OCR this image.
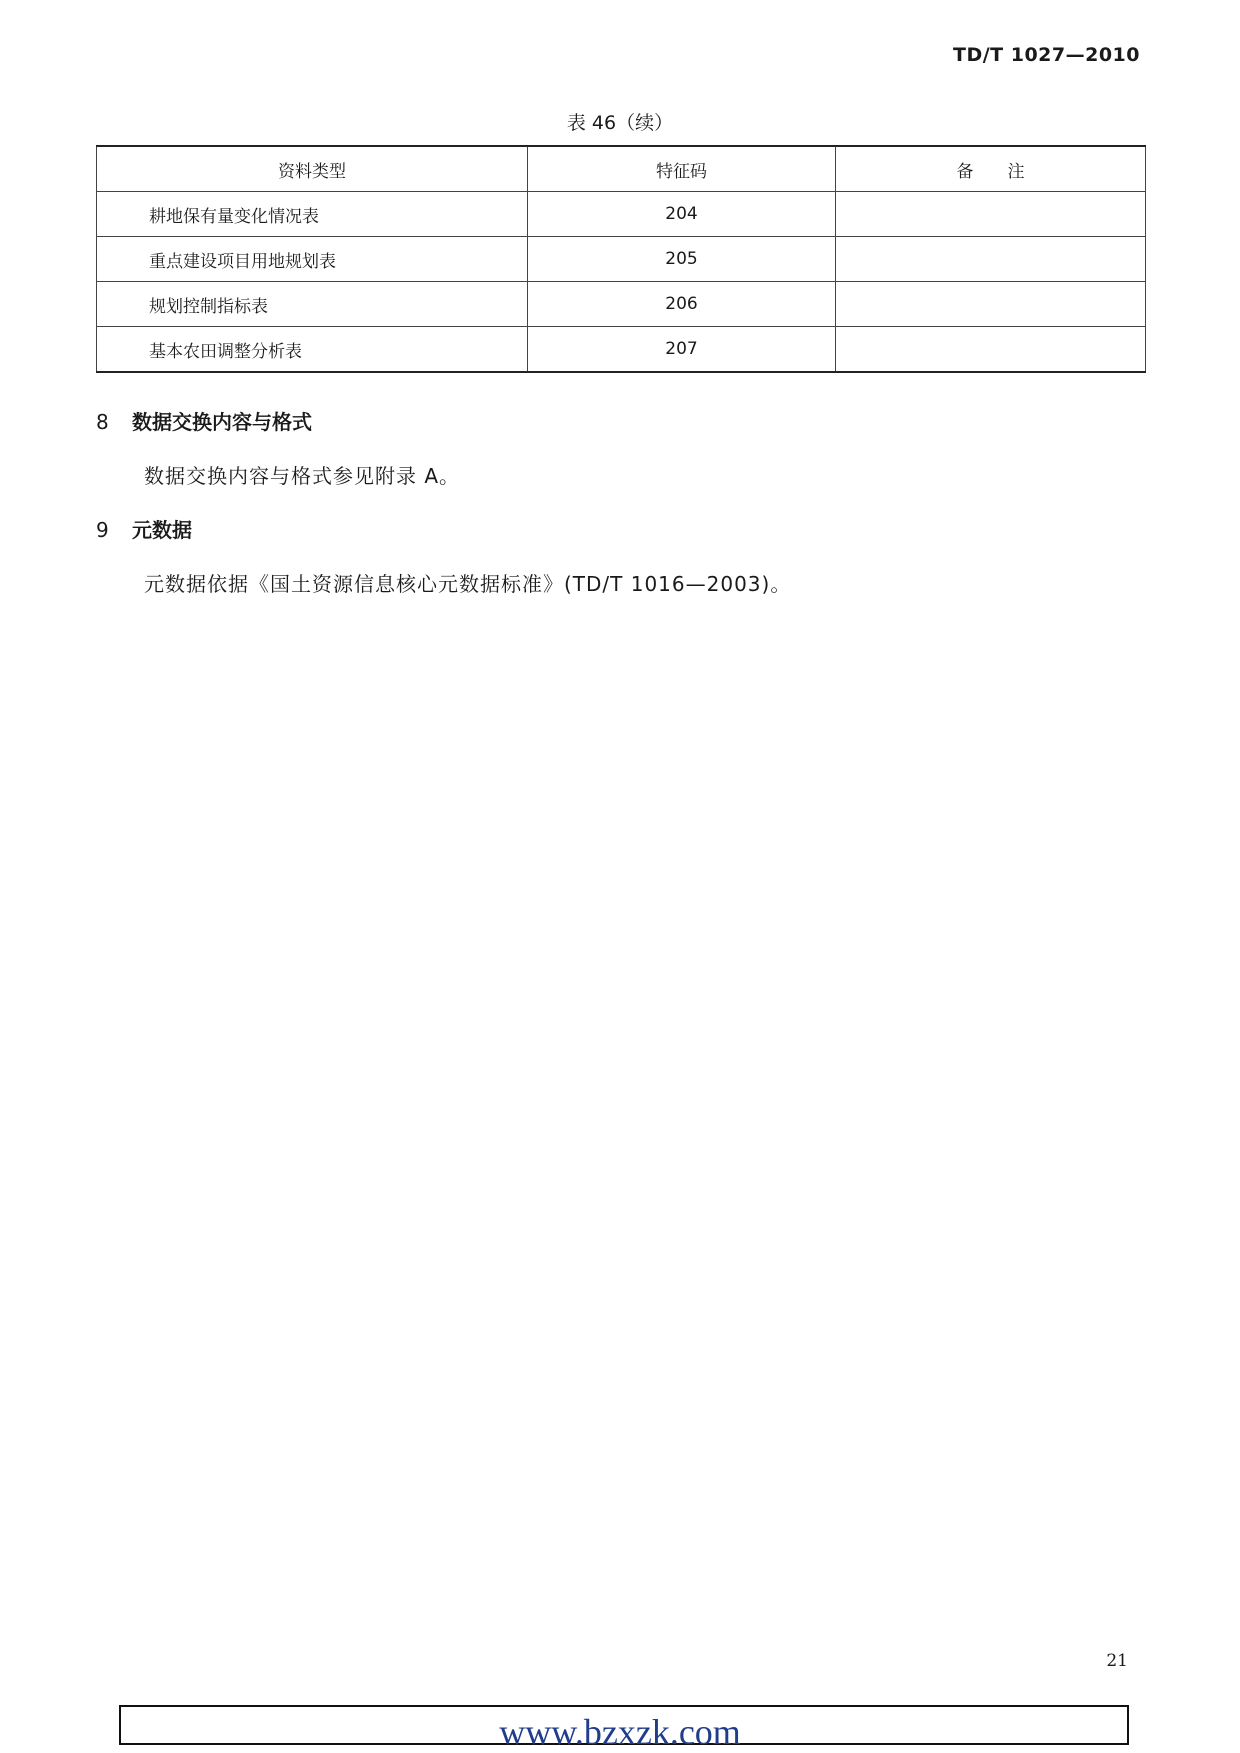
TD/T 1027—2010
表 46（续）
资料类型	特征码	备　　注
耕地保有量变化情况表	204	
重点建设项目用地规划表	205	
规划控制指标表	206	
基本农田调整分析表	207	
8 数据交换内容与格式
数据交换内容与格式参见附录 A。
9 元数据
元数据依据《国土资源信息核心元数据标准》(TD/T 1016—2003)。
21
www.bzxzk.com
